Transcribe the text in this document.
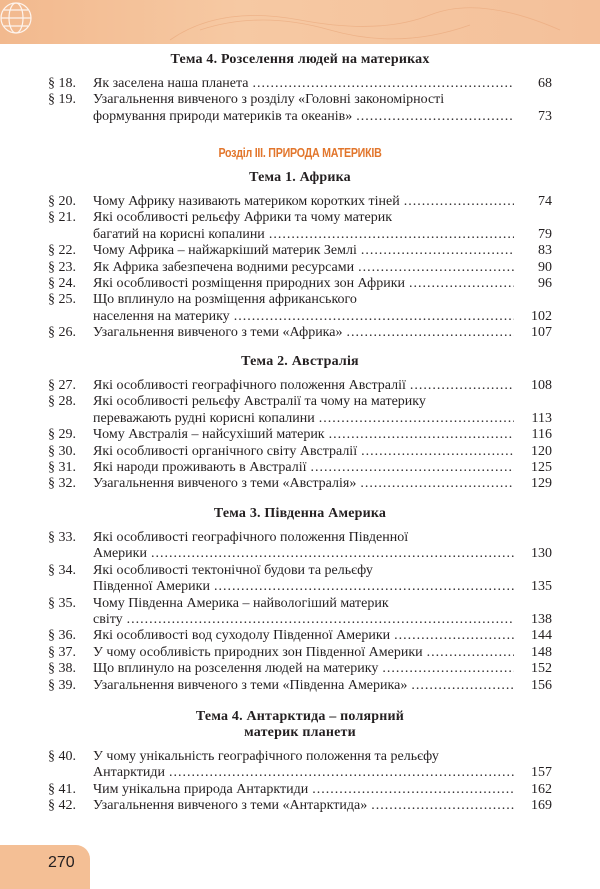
Розділ III. ПРИРОДА МАТЕРИКІВ
Тема 4. Розселення людей на материках
§ 18.	Як заселена наша планета .....	68
§ 19.	Узагальнення вивченого з розділу «Головні закономірності
формування природи материків та океанів» .....	73
Тема 1. Африка
§ 20.	Чому Африку називають материком коротких тіней .....	74
§ 21.	Які особливості рельєфу Африки та чому материк
багатий на корисні копалини .....	79
§ 22.	Чому Африка – найжаркіший материк Землі .....	83
§ 23.	Як Африка забезпечена водними ресурсами .....	90
§ 24.	Які особливості розміщення природних зон Африки .....	96
§ 25.	Що вплинуло на розміщення африканського
населення на материку .....	102
§ 26.	Узагальнення вивченого з теми «Африка» .....	107
Тема 2. Австралія
§ 27.	Які особливості географічного положення Австралії .....	108
§ 28.	Які особливості рельєфу Австралії та чому на материку
переважають рудні корисні копалини .....	113
§ 29.	Чому Австралія – найсухіший материк .....	116
§ 30.	Які особливості органічного світу Австралії .....	120
§ 31.	Які народи проживають в Австралії .....	125
§ 32.	Узагальнення вивченого з теми «Австралія» .....	129
Тема 3. Південна Америка
§ 33.	Які особливості географічного положення Південної
Америки .....	130
§ 34.	Які особливості тектонічної будови та рельєфу
Південної Америки .....	135
§ 35.	Чому Південна Америка – найвологіший материк
світу .....	138
§ 36.	Які особливості вод суходолу Південної Америки .....	144
§ 37.	У чому особливість природних зон Південної Америки .....	148
§ 38.	Що вплинуло на розселення людей на материку .....	152
§ 39.	Узагальнення вивченого з теми «Південна Америка» .....	156
Тема 4. Антарктида – полярний
материк планети
§ 40.	У чому унікальність географічного положення та рельєфу
Антарктиди .....	157
§ 41.	Чим унікальна природа Антарктиди .....	162
§ 42.	Узагальнення вивченого з теми «Антарктида» .....	169
270
